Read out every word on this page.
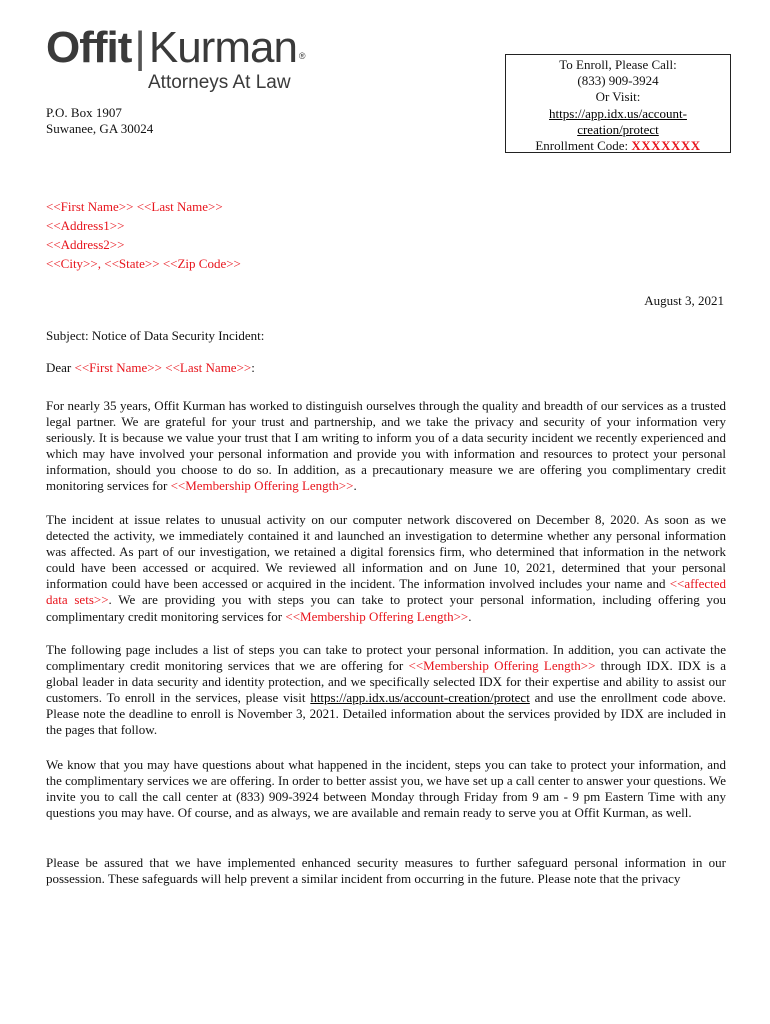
Offit|Kurman ®
Attorneys At Law
P.O. Box 1907
Suwanee, GA 30024
To Enroll, Please Call:
(833) 909-3924
Or Visit:
https://app.idx.us/account-
creation/protect
Enrollment Code: XXXXXXX
<<First Name>> <<Last Name>>
<<Address1>>
<<Address2>>
<<City>>, <<State>> <<Zip Code>>
August 3, 2021
Subject: Notice of Data Security Incident:
Dear <<First Name>> <<Last Name>>:

For nearly 35 years, Offit Kurman has worked to distinguish ourselves through the quality and breadth of our services as a trusted legal partner. We are grateful for your trust and partnership, and we take the privacy and security of your information very seriously. It is because we value your trust that I am writing to inform you of a data security incident we recently experienced and which may have involved your personal information and provide you with information and resources to protect your personal information, should you choose to do so. In addition, as a precautionary measure we are offering you complimentary credit monitoring services for <<Membership Offering Length>>.

The incident at issue relates to unusual activity on our computer network discovered on December 8, 2020. As soon as we detected the activity, we immediately contained it and launched an investigation to determine whether any personal information was affected. As part of our investigation, we retained a digital forensics firm, who determined that information in the network could have been accessed or acquired. We reviewed all information and on June 10, 2021, determined that your personal information could have been accessed or acquired in the incident. The information involved includes your name and <<affected data sets>>. We are providing you with steps you can take to protect your personal information, including offering you complimentary credit monitoring services for <<Membership Offering Length>>.

The following page includes a list of steps you can take to protect your personal information. In addition, you can activate the complimentary credit monitoring services that we are offering for <<Membership Offering Length>> through IDX. IDX is a global leader in data security and identity protection, and we specifically selected IDX for their expertise and ability to assist our customers. To enroll in the services, please visit https://app.idx.us/account-creation/protect and use the enrollment code above. Please note the deadline to enroll is November 3, 2021. Detailed information about the services provided by IDX are included in the pages that follow.

We know that you may have questions about what happened in the incident, steps you can take to protect your information, and the complimentary services we are offering. In order to better assist you, we have set up a call center to answer your questions. We invite you to call the call center at (833) 909-3924 between Monday through Friday from 9 am - 9 pm Eastern Time with any questions you may have. Of course, and as always, we are available and remain ready to serve you at Offit Kurman, as well.

Please be assured that we have implemented enhanced security measures to further safeguard personal information in our possession. These safeguards will help prevent a similar incident from occurring in the future. Please note that the privacy
